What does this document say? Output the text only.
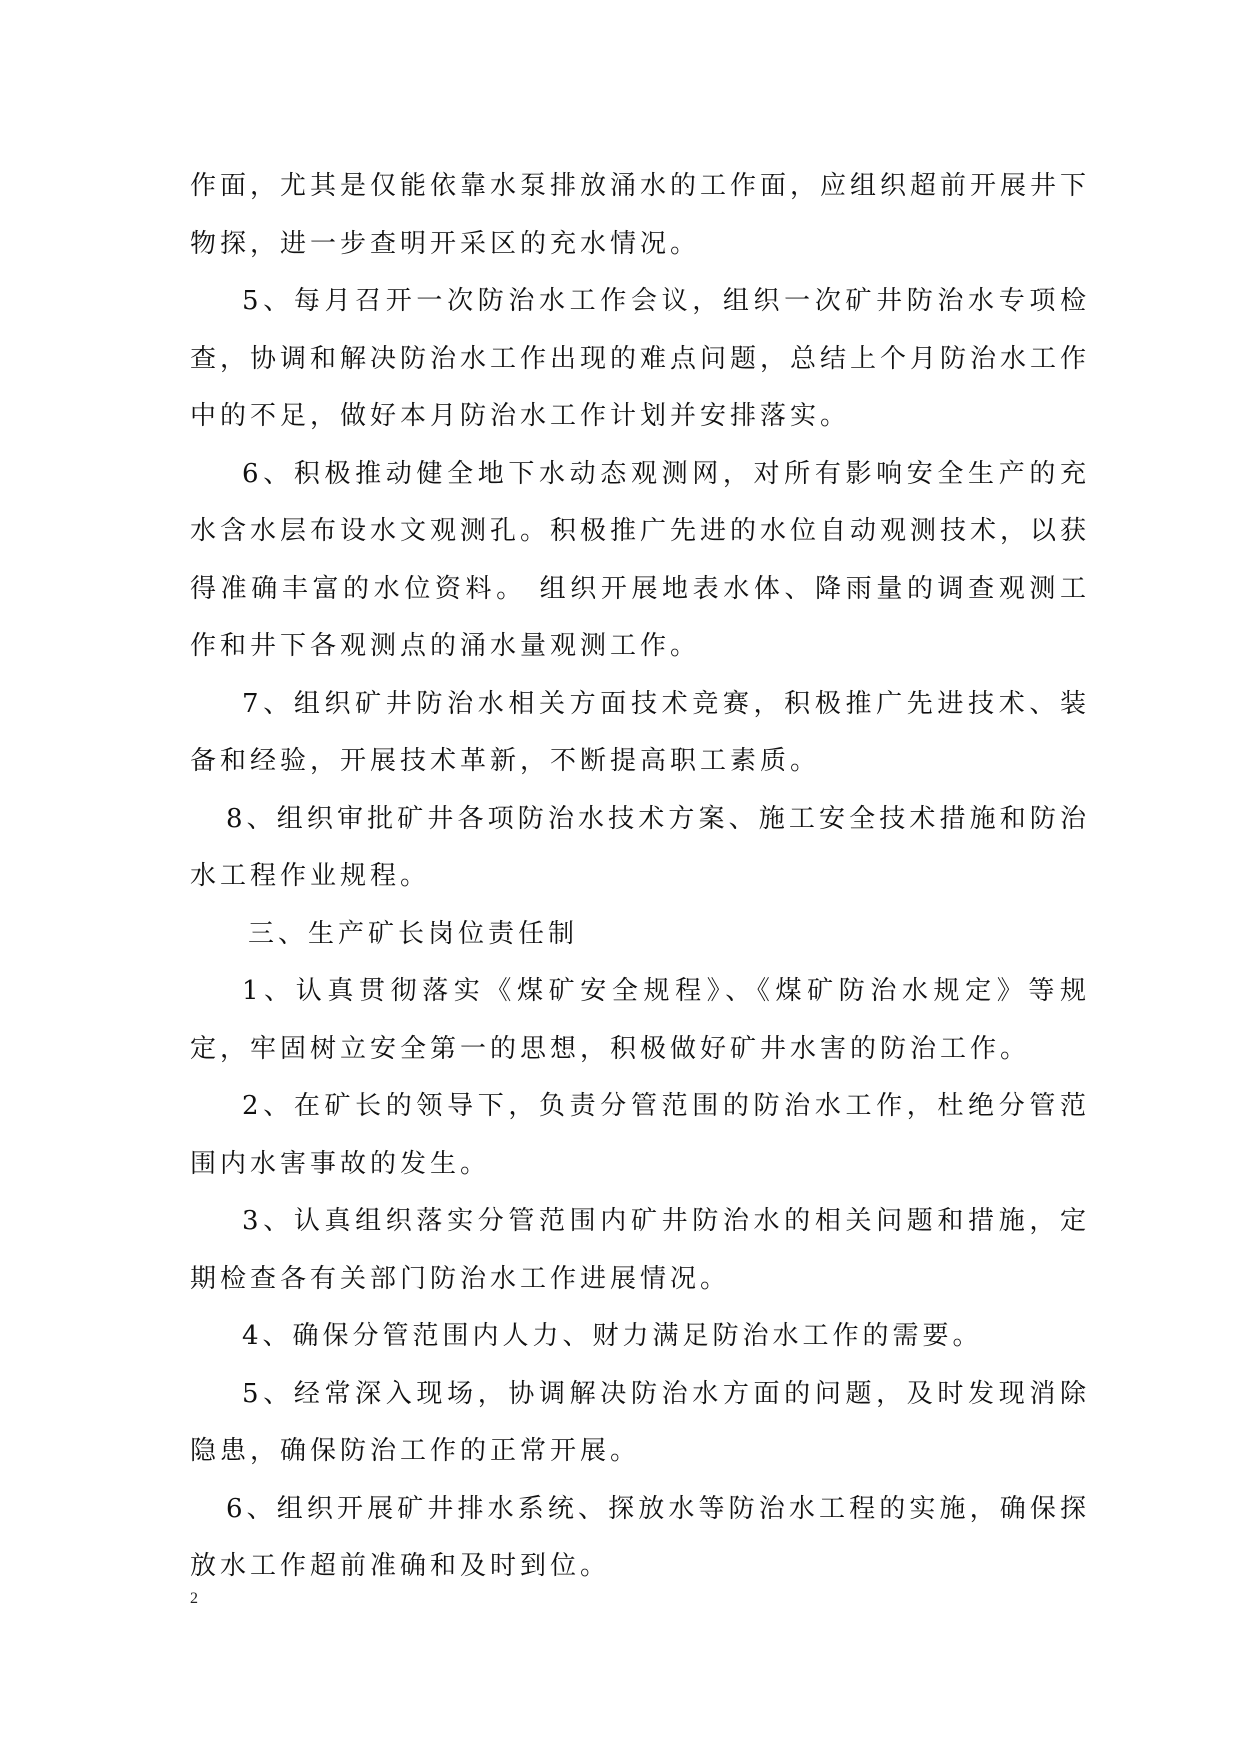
作面，尤其是仅能依靠水泵排放涌水的工作面，应组织超前开展井下物探，进一步查明开采区的充水情况。

5、每月召开一次防治水工作会议，组织一次矿井防治水专项检查，协调和解决防治水工作出现的难点问题，总结上个月防治水工作中的不足，做好本月防治水工作计划并安排落实。

6、积极推动健全地下水动态观测网，对所有影响安全生产的充水含水层布设水文观测孔。积极推广先进的水位自动观测技术，以获得准确丰富的水位资料。 组织开展地表水体、降雨量的调查观测工作和井下各观测点的涌水量观测工作。

7、组织矿井防治水相关方面技术竞赛，积极推广先进技术、装备和经验，开展技术革新，不断提高职工素质。

8、组织审批矿井各项防治水技术方案、施工安全技术措施和防治水工程作业规程。

三、生产矿长岗位责任制

1、认真贯彻落实《煤矿安全规程》、《煤矿防治水规定》等规定，牢固树立安全第一的思想，积极做好矿井水害的防治工作。

2、在矿长的领导下，负责分管范围的防治水工作，杜绝分管范围内水害事故的发生。

3、认真组织落实分管范围内矿井防治水的相关问题和措施，定期检查各有关部门防治水工作进展情况。

4、确保分管范围内人力、财力满足防治水工作的需要。

5、经常深入现场，协调解决防治水方面的问题，及时发现消除隐患，确保防治工作的正常开展。

6、组织开展矿井排水系统、探放水等防治水工程的实施，确保探放水工作超前准确和及时到位。

2
